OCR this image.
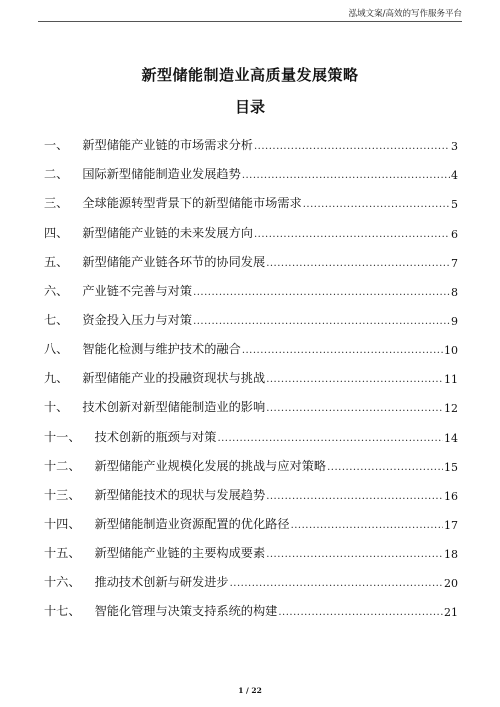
泓域文案/高效的写作服务平台
新型储能制造业高质量发展策略
目录
一、	新型储能产业链的市场需求分析 .....	3
二、	国际新型储能制造业发展趋势 .....	4
三、	全球能源转型背景下的新型储能市场需求 .....	5
四、	新型储能产业链的未来发展方向 .....	6
五、	新型储能产业链各环节的协同发展 .....	7
六、	产业链不完善与对策 .....	8
七、	资金投入压力与对策 .....	9
八、	智能化检测与维护技术的融合 .....	10
九、	新型储能产业的投融资现状与挑战 .....	11
十、	技术创新对新型储能制造业的影响 .....	12
十一、	技术创新的瓶颈与对策 .....	14
十二、	新型储能产业规模化发展的挑战与应对策略 .....	15
十三、	新型储能技术的现状与发展趋势 .....	16
十四、	新型储能制造业资源配置的优化路径 .....	17
十五、	新型储能产业链的主要构成要素 .....	18
十六、	推动技术创新与研发进步 .....	20
十七、	智能化管理与决策支持系统的构建 .....	21
1 / 22
